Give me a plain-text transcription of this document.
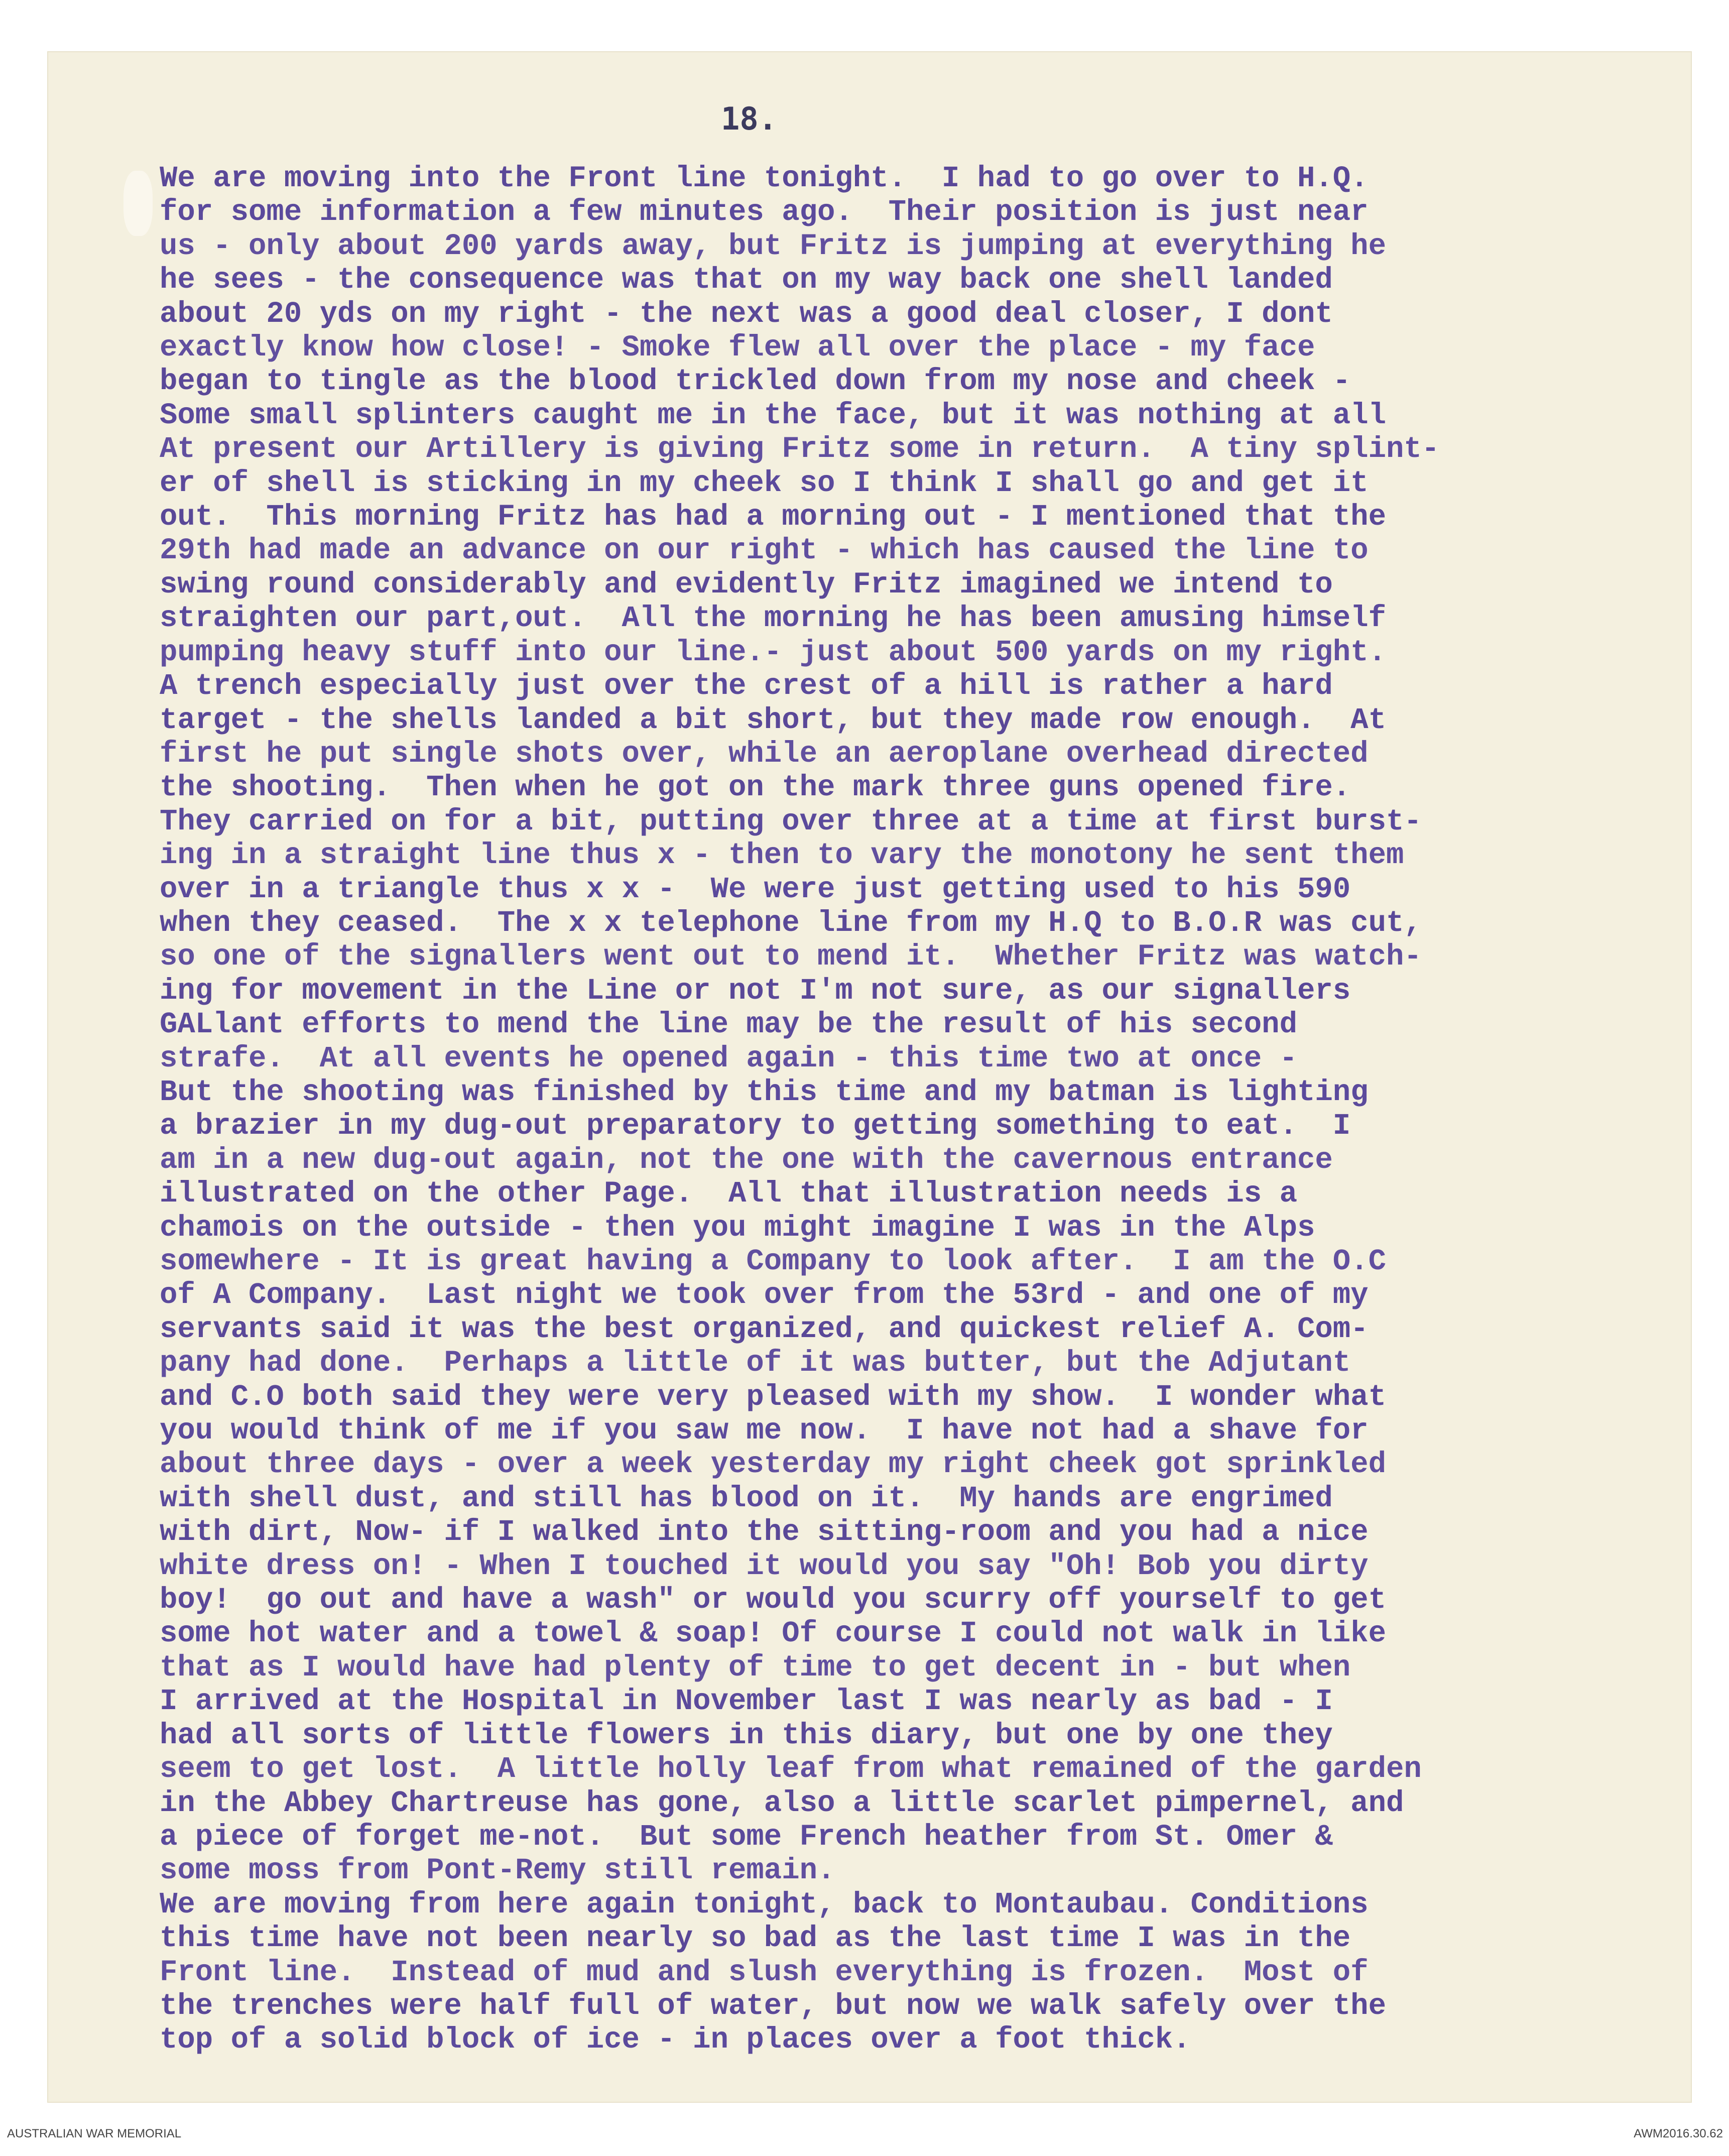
18.
We are moving into the Front line tonight.  I had to go over to H.Q.
for some information a few minutes ago.  Their position is just near
us - only about 200 yards away, but Fritz is jumping at everything he
he sees - the consequence was that on my way back one shell landed
about 20 yds on my right - the next was a good deal closer, I dont
exactly know how close! - Smoke flew all over the place - my face
began to tingle as the blood trickled down from my nose and cheek -
Some small splinters caught me in the face, but it was nothing at all
At present our Artillery is giving Fritz some in return.  A tiny splint-
er of shell is sticking in my cheek so I think I shall go and get it
out.  This morning Fritz has had a morning out - I mentioned that the
29th had made an advance on our right - which has caused the line to
swing round considerably and evidently Fritz imagined we intend to
straighten our part,out.  All the morning he has been amusing himself
pumping heavy stuff into our line.- just about 500 yards on my right.
A trench especially just over the crest of a hill is rather a hard
target - the shells landed a bit short, but they made row enough.  At
first he put single shots over, while an aeroplane overhead directed
the shooting.  Then when he got on the mark three guns opened fire.
They carried on for a bit, putting over three at a time at first burst-
ing in a straight line thus x - then to vary the monotony he sent them
over in a triangle thus x x -  We were just getting used to his 590
when they ceased.  The x x telephone line from my H.Q to B.O.R was cut,
so one of the signallers went out to mend it.  Whether Fritz was watch-
ing for movement in the Line or not I'm not sure, as our signallers
GALlant efforts to mend the line may be the result of his second
strafe.  At all events he opened again - this time two at once -
But the shooting was finished by this time and my batman is lighting
a brazier in my dug-out preparatory to getting something to eat.  I
am in a new dug-out again, not the one with the cavernous entrance
illustrated on the other Page.  All that illustration needs is a
chamois on the outside - then you might imagine I was in the Alps
somewhere - It is great having a Company to look after.  I am the O.C
of A Company.  Last night we took over from the 53rd - and one of my
servants said it was the best organized, and quickest relief A. Com-
pany had done.  Perhaps a little of it was butter, but the Adjutant
and C.O both said they were very pleased with my show.  I wonder what
you would think of me if you saw me now.  I have not had a shave for
about three days - over a week yesterday my right cheek got sprinkled
with shell dust, and still has blood on it.  My hands are engrimed
with dirt, Now- if I walked into the sitting-room and you had a nice
white dress on! - When I touched it would you say "Oh! Bob you dirty
boy!  go out and have a wash" or would you scurry off yourself to get
some hot water and a towel & soap! Of course I could not walk in like
that as I would have had plenty of time to get decent in - but when
I arrived at the Hospital in November last I was nearly as bad - I
had all sorts of little flowers in this diary, but one by one they
seem to get lost.  A little holly leaf from what remained of the garden
in the Abbey Chartreuse has gone, also a little scarlet pimpernel, and
a piece of forget me-not.  But some French heather from St. Omer &
some moss from Pont-Remy still remain.
We are moving from here again tonight, back to Montaubau. Conditions
this time have not been nearly so bad as the last time I was in the
Front line.  Instead of mud and slush everything is frozen.  Most of
the trenches were half full of water, but now we walk safely over the
top of a solid block of ice - in places over a foot thick.
AUSTRALIAN WAR MEMORIAL	AWM2016.30.62
